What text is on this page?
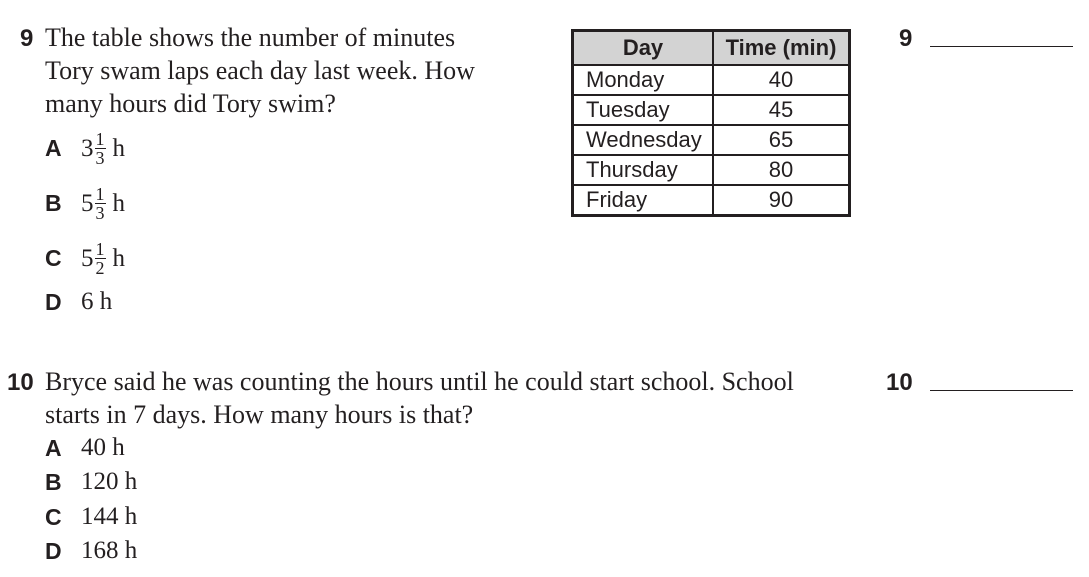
9 The table shows the number of minutes
Tory swam laps each day last week. How
many hours did Tory swim?
A $3 \frac{1}{3}$ h
B $5 \frac{1}{3}$ h
C $5 \frac{1}{2}$ h
D 6 h
Day	Time (min)
Monday	40
Tuesday	45
Wednesday	65
Thursday	80
Friday	90
9
10 Bryce said he was counting the hours until he could start school. School
starts in 7 days. How many hours is that?
A 40 h
B 120 h
C 144 h
D 168 h
10
